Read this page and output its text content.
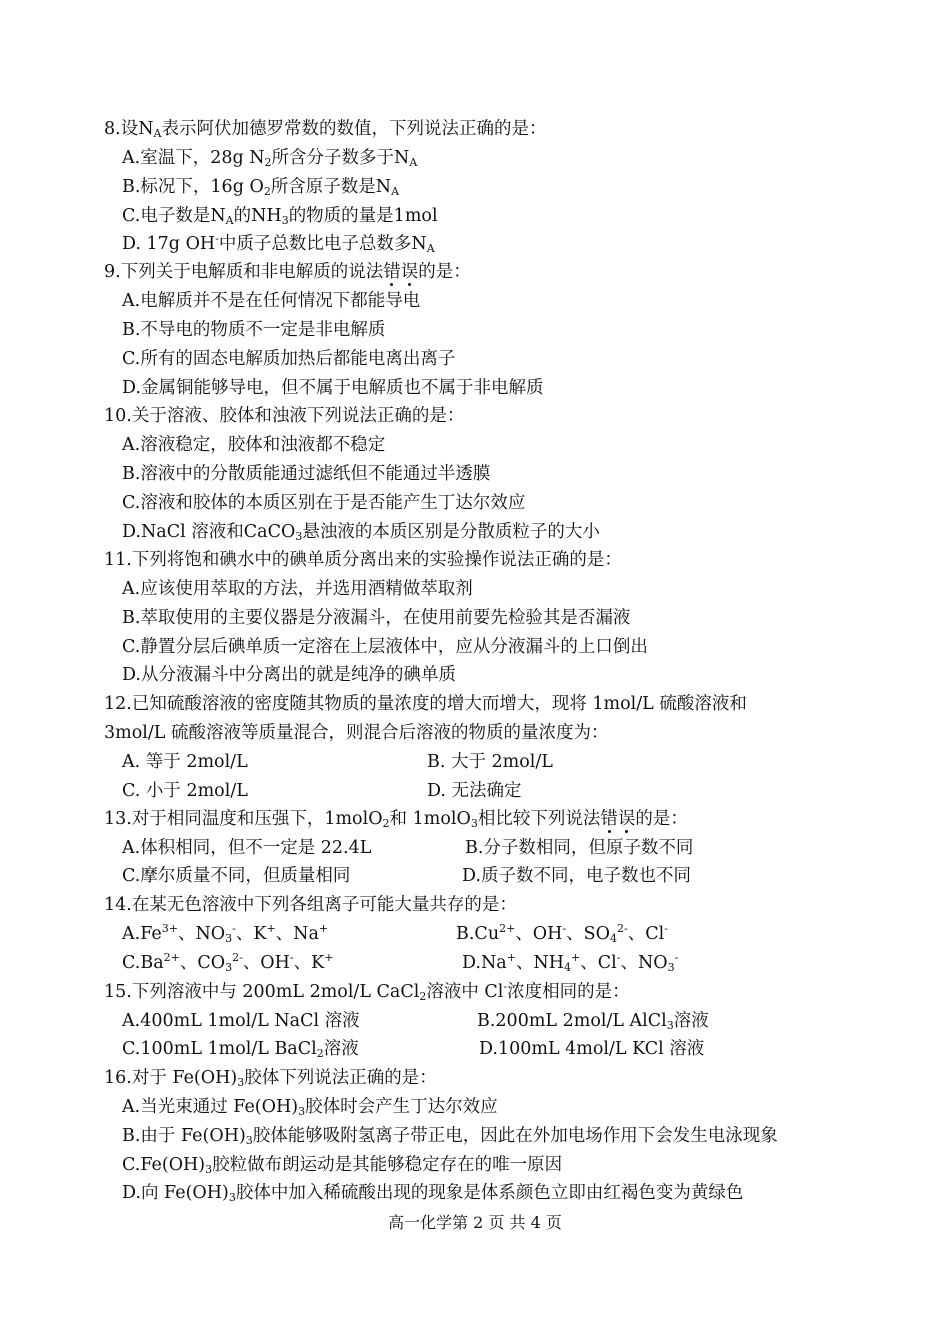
8.设$N_A$表示阿伏加德罗常数的数值，下列说法正确的是：
A.室温下，28g $N_2$所含分子数多于$N_A$
B.标况下，16g $O_2$所含原子数是$N_A$
C.电子数是$N_A$的$NH_3$的物质的量是1mol
D. 17g OH-中质子总数比电子总数多$N_A$
9.下列关于电解质和非电解质的说法错误的是：
A.电解质并不是在任何情况下都能导电
B.不导电的物质不一定是非电解质
C.所有的固态电解质加热后都能电离出离子
D.金属铜能够导电，但不属于电解质也不属于非电解质
10.关于溶液、胶体和浊液下列说法正确的是：
A.溶液稳定，胶体和浊液都不稳定
B.溶液中的分散质能通过滤纸但不能通过半透膜
C.溶液和胶体的本质区别在于是否能产生丁达尔效应
D.NaCl 溶液和CaCO$_3$悬浊液的本质区别是分散质粒子的大小
11.下列将饱和碘水中的碘单质分离出来的实验操作说法正确的是：
A.应该使用萃取的方法，并选用酒精做萃取剂
B.萃取使用的主要仪器是分液漏斗，在使用前要先检验其是否漏液
C.静置分层后碘单质一定溶在上层液体中，应从分液漏斗的上口倒出
D.从分液漏斗中分离出的就是纯净的碘单质
12.已知硫酸溶液的密度随其物质的量浓度的增大而增大，现将 1mol/L 硫酸溶液和
3mol/L 硫酸溶液等质量混合，则混合后溶液的物质的量浓度为：
A. 等于 2mol/L	B. 大于 2mol/L
C. 小于 2mol/L	D. 无法确定
13.对于相同温度和压强下，1molO$_2$和 1molO$_3$相比较下列说法错误的是：
A.体积相同，但不一定是 22.4L	B.分子数相同，但原子数不同
C.摩尔质量不同，但质量相同	D.质子数不同，电子数也不同
14.在某无色溶液中下列各组离子可能大量共存的是：
$A.Fe^{3+}$、$NO_3^-$、K+、Na+	$B.Cu^{2+}$、OH-、$SO_4^{2-}$、Cl-
$C.Ba^{2+}$、$CO_3^{2-}$、OH-、K+	D.Na+、$NH_4^+$、Cl-、$NO_3^-$
15.下列溶液中与 200mL 2mol/L CaCl$_2$溶液中 Cl-浓度相同的是：
A.400mL 1mol/L NaCl 溶液	B.200mL 2mol/L AlCl$_3$溶液
C.100mL 1mol/L BaCl$_2$溶液	D.100mL 4mol/L KCl 溶液
16.对于 $Fe(OH)_3$胶体下列说法正确的是：
A.当光束通过 $Fe(OH)_3$胶体时会产生丁达尔效应
B.由于 $Fe(OH)_3$胶体能够吸附氢离子带正电，因此在外加电场作用下会发生电泳现象
$C.Fe(OH)_3$胶粒做布朗运动是其能够稳定存在的唯一原因
D.向 $Fe(OH)_3$胶体中加入稀硫酸出现的现象是体系颜色立即由红褐色变为黄绿色
高一化学第 2 页 共 4 页
